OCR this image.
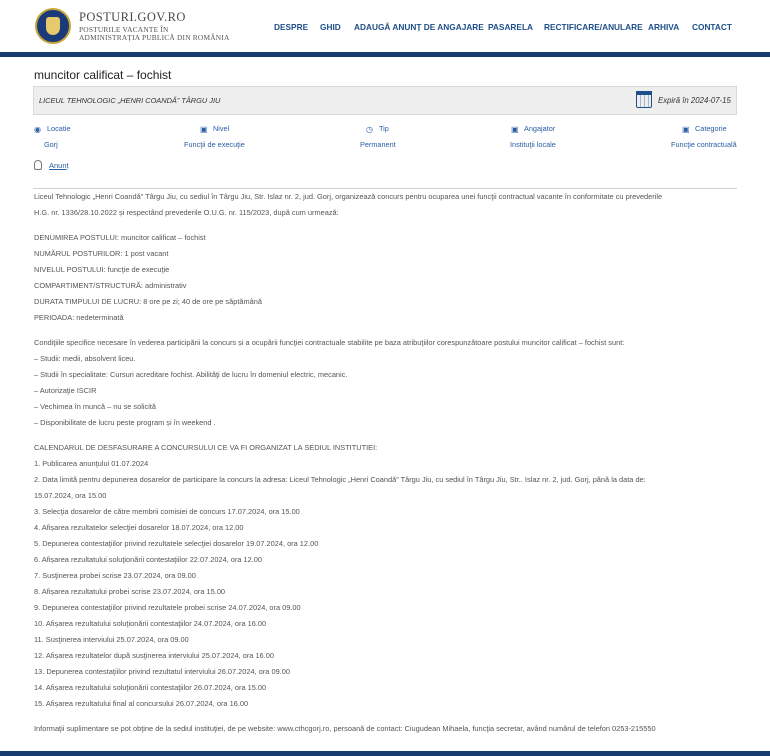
POSTURI.GOV.RO
POSTURILE VACANTE ÎN
ADMINISTRAȚIA PUBLICĂ DIN ROMÂNIA
DESPRE GHID ADAUGĂ ANUNȚ DE ANGAJARE PASARELA RECTIFICARE/ANULARE ARHIVA CONTACT
muncitor calificat – fochist
LICEUL TEHNOLOGIC „HENRI COANDĂ” TÂRGU JIU	Expiră în 2024-07-15
◉ Locatie
Gorj
▣ Nivel
Funcţii de execuţie
◷ Tip
Permanent
▣ Angajator
Instituţii locale
▣ Categorie
Funcţie contractuală
Anunț
Liceul Tehnologic „Henri Coandă” Târgu Jiu, cu sediul în Târgu Jiu, Str. Islaz nr. 2, jud. Gorj, organizează concurs pentru ocuparea unei funcţii contractual vacante în conformitate cu prevederile
H.G. nr. 1336/28.10.2022 și respectând prevederile O.U.G. nr. 115/2023, după cum urmează:
DENUMIREA POSTULUI: muncitor calificat – fochist
NUMĂRUL POSTURILOR: 1 post vacant
NIVELUL POSTULUI: funcţie de execuţie
COMPARTIMENT/STRUCTURĂ: administrativ
DURATA TIMPULUI DE LUCRU: 8 ore pe zi; 40 de ore pe săptămână
PERIOADA: nedeterminată
Condiţiile specifice necesare în vederea participării la concurs și a ocupării funcţiei contractuale stabilite pe baza atribuţiilor corespunzătoare postului muncitor calificat – fochist sunt:
– Studii: medii, absolvent liceu.
– Studii în specialitate: Cursuri acreditare fochist. Abilităţi de lucru în domeniul electric, mecanic.
– Autorizaţie ISCIR
– Vechimea în muncă – nu se solicită
– Disponibilitate de lucru peste program și în weekend .
CALENDARUL DE DESFASURARE A CONCURSULUI CE VA FI ORGANIZAT LA SEDIUL INSTITUTIEI:
1. Publicarea anunţului 01.07.2024
2. Data limită pentru depunerea dosarelor de participare la concurs la adresa: Liceul Tehnologic „Henri Coandă” Târgu Jiu, cu sediul în Târgu Jiu, Str.. Islaz nr. 2, jud. Gorj, până la data de:
15.07.2024, ora 15.00
3. Selecţia dosarelor de către membrii comisiei de concurs 17.07.2024, ora 15.00
4. Afișarea rezultatelor selecţiei dosarelor 18.07.2024, ora 12.00
5. Depunerea contestaţiilor privind rezultatele selecţiei dosarelor 19.07.2024, ora 12.00
6. Afișarea rezultatului soluţionării contestaţiilor 22.07.2024, ora 12.00
7. Susţinerea probei scrise 23.07.2024, ora 09.00
8. Afișarea rezultatului probei scrise 23.07.2024, ora 15.00
9. Depunerea contestaţiilor privind rezultatele probei scrise 24.07.2024, ora 09.00
10. Afișarea rezultatului soluţionării contestaţiilor 24.07.2024, ora 16.00
11. Susţinerea interviului 25.07.2024, ora 09.00
12. Afișarea rezultatelor după susţinerea interviului 25.07.2024, ora 16.00
13. Depunerea contestaţiilor privind rezultatul interviului 26.07.2024, ora 09.00
14. Afișarea rezultatului soluţionării contestaţiilor 26.07.2024, ora 15.00
15. Afișarea rezultatului final al concursului 26.07.2024, ora 16.00
Informaţii suplimentare se pot obţine de la sediul instituţiei, de pe website: www.cthcgorj.ro, persoană de contact: Ciugudean Mihaela, funcţia secretar, având numărul de telefon 0253-215550
